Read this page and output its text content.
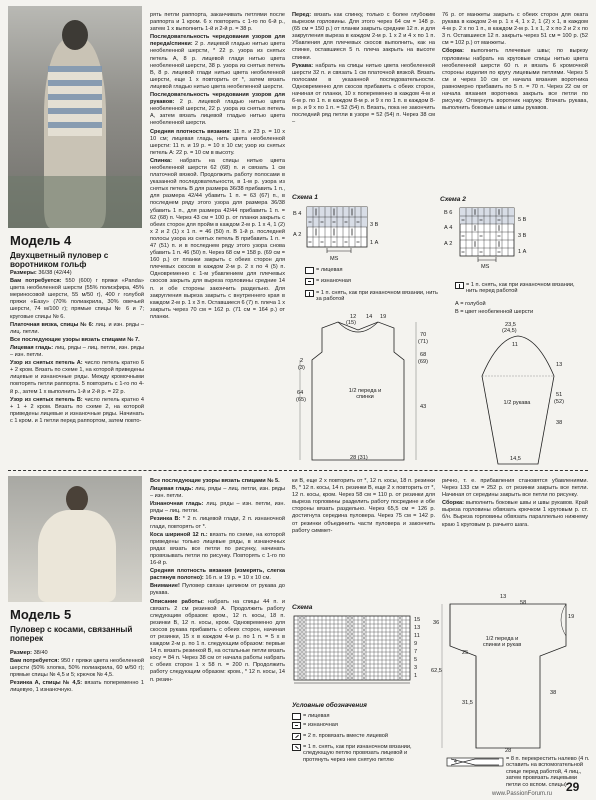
Модель 4
Двухцветный пуловер с воротником гольф

Размеры: 36/38 (42/44)

Вам потребуется: 550 (600) г пряжи «Panda» цвета необеленной шерсти (55% полиэфира, 45% мериносовой шерсти, 55 м/50 г), 400 г голубой пряжи «Easy» (70% полиакрила, 30% овечьей шерсти, 74 м/100 г); прямые спицы № 6 и 7; круговые спицы № 6.

Платочная вязка, спицы № 6: лиц. и изн. ряды – лиц. петли.

Все последующие узоры вязать спицами № 7.

Лицевая гладь: лиц. ряды – лиц. петли, изн. ряды – изн. петли.

Узор из снятых петель А: число петель кратно 6 + 2 кром. Вязать по схеме 1, на которой приведены лицевые и изнаночные ряды. Между кромочными повторять петли раппорта. 5 повторить с 1-го по 4-й р., затем 1 х выполнить 1-й и 2-й р. = 22 р.

Узор из снятых петель В: число петель кратно 4 + 1 + 2 кром. Вязать по схеме 2, на которой приведены лицевые и изнаночные ряды. Начинать с 1 кром. и 1 петли перед раппортом, затем повто-

рять петли раппорта, заканчивать петлями после раппорта и 1 кром. 6 х повторить с 1-го по 6-й р., затем 1 х выполнить 1-й и 2-й р. = 38 р.

Последовательность чередования узоров для переда/спинки: 2 р. лицевой гладью нитью цвета необеленной шерсти, * 22 р. узора из снятых петель А, 8 р. лицевой глади нитью цвета необеленной шерсти, 38 р. узора из снятых петель В, 8 р. лицевой глади нитью цвета необеленной шерсти, еще 1 х повторить от *, затем вязать лицевой гладью нитью цвета необеленной шерсти.

Последовательность чередования узоров для рукавов: 2 р. лицевой гладью нитью цвета необеленной шерсти, 22 р. узора из снятых петель А, затем вязать лицевой гладью нитью цвета необеленной шерсти.

Средняя плотность вязания: 11 п. и 23 р. = 10 х 10 см; лицевая гладь, нить цвета необеленной шерсти: 11 п. и 19 р. = 10 х 10 см; узор из снятых петель А: 22 р. = 10 см в высоту.

Спинка: набрать на спицы нитью цвета необеленной шерсти 62 (68) п. и связать 1 см платочной вязкой. Продолжить работу полосами в указанной последовательности, в 1-м р. узора из снятых петель В для размера 36/38 прибавить 1 п., для размера 42/44 убавить 1 п. = 63 (67) п., в последнем ряду этого узора для размера 36/38 убавить 1 п., для размера 42/44 прибавить 1 п. = 62 (68) п. Через 43 см = 100 р. от планки закрыть с обеих сторон для пройм в каждом 2-м р. 1 х 4, 1 (2) х 2 и 2 (1) х 1 п. = 46 (50) п. В 1-й р. последней полосы узора из снятых петель В прибавить 1 п. = 47 (51) п. и в последнем ряду этого узора снова убавить 1 п. 46 (50) п. Через 68 см = 158 р. (69 см = 160 р.) от планки закрыть с обеих сторон для плечевых скосов в каждом 2-м р. 2 х по 4 (5) п. Одновременно с 1-м убавлением для плечевых скосов закрыть для выреза горловины средние 14 п. и обе стороны закончить раздельно. Для закругления выреза закрыть с внутреннего края в каждом 2-м р. 1 х 3 п. Оставшиеся 6 (7) п. плеча 1 х закрыть через 70 см = 162 р. (71 см = 164 р.) от планки.

Перед: вязать как спинку, только с более глубоким вырезом горловины. Для этого через 64 см = 148 р. (65 см = 150 р.) от планки закрыть средние 12 п. и для закругления выреза в каждом 2-м р. 1 х 2 и 4 х по 1 п. Убавления для плечевых скосов выполнить, как на спинке, оставшиеся 5 п. плеча закрыть на высоте спинки.

Рукава: набрать на спицы нитью цвета необеленной шерсти 32 п. и связать 1 см платочной вязкой. Вязать полосами в указанной последовательности. Одновременно для скосов прибавить с обеих сторон, начиная от планки, 10 х попеременно в каждом 4-м и 6-м р. по 1 п. в каждом 8-м р. и 9 х по 1 п. в каждом 8-м р. и 9 х по 1 п. = 52 (54) п. Вязать, пока не закончить последний ряд петли в узоре = 52 (54) п. Через 38 см –

76 р. от манжеты закрыть с обеих сторон для оката рукава в каждом 2-м р. 1 х 4, 1 х 2, 1 (2) х 1, в каждом 4-м р. 2 х по 1 п., в каждом 2-м р. 1 х 1, 2 х по 2 и 2 х по 3 п. Оставшиеся 12 п. закрыть через 51 см = 100 р. (52 см = 102 р.) от манжеты.

Сборка: выполнить плечевые швы; по вырезу горловины набрать на круговые спицы нитью цвета необеленной шерсти 60 п. и вязать 6 кромочной стороны изделия по кругу лицевыми петлями. Через 5 см и через 10 см от начала вязания воротника равномерно прибавить по 5 п. = 70 п. Через 22 см от начала вязания воротника закрыть все петли по рисунку. Отвернуть воротник наружу. Втачать рукава, выполнить боковые швы и швы рукавов.

Схема 1
В 4
А 2
3 В
1 А
MS
= лицевая
= изнаночная
= 1 п. снять, как при изнаночном вязании, нить за работой
Схема 2
В 6
А 4
А 2
5 В
3 В
1 А
MS
= 1 п. снять, как при изнаночном вязании, нить перед работой
А = голубой
В = цвет необеленной шерсти
12
(15)
14 19
2
(3)
64
(65)
70
(71)
68
(69)
43
1/2 переда и спинки
28 (31)
23,5
(24,5)
11
1/2 рукава
13
51
(52)
38
14,5
Модель 5
Пуловер с косами, связанный поперек

Размер: 38/40

Вам потребуется: 950 г пряжи цвета необеленной шерсти (50% хлопка, 50% полиакрила, 60 м/50 г); прямые спицы № 4,5 и 5; крючок № 4,5.

Резинка А, спицы № 4,5: вязать попеременно 1 лицевую, 1 изнаночную.

Все последующие узоры вязать спицами № 5.

Лицевая гладь: лиц. ряды – лиц. петли, изн. ряды – изн. петли.

Изнаночная гладь: лиц. ряды – изн. петли, изн. ряды – лиц. петли.

Резинка В: * 2 п. лицевой глади, 2 п. изнаночной глади, повторять от *.

Коса шириной 12 п.: вязать по схеме, на которой приведены только лицевые ряды, в изнаночных рядах вязать все петли по рисунку, начинать провязывать петли по рисунку. Повторять с 1-го по 16-й р.

Средняя плотность вязания (измерять, слегка растянув полотно): 16 п. и 19 р. = 10 х 10 см.

Внимание! Пуловер связан целиком от рукава до рукава.

Описание работы: набрать на спицы 44 п. и связать 2 см резинкой А. Продолжить работу следующим образом: кром., 12 п. косы, 18 п. резинки В, 12 п. косы, кром. Одновременно для скосов рукава прибавить с обеих сторон, начиная от резинки, 15 х в каждом 4-м р. по 1 п. = 5 х в каждом 2-м р. по 1 п. следующим образом: первые 14 п. вязать резинкой В, на остальные петли вязать косу = 84 п. Через 38 см от начала работы набрать с обеих сторон 1 х 58 п. = 200 п. Продолжить работу следующим образом: кром., * 12 п. косы, 14 п. резин-

ки В, еще 2 х повторить от *, 12 п. косы, 18 п. резинки В, * 12 п. косы, 14 п. резинки В, еще 2 х повторить от *, 12 п. косы, кром. Через 58 см = 110 р. от резинки для выреза горловины разделить работу посредине и обе стороны вязать раздельно. Через 65,5 см = 126 р. достигнута середина пуловера. Через 75 см = 142 р. от резинки объединить части пуловера и закончить работу симмет-

рично, т. е. прибавления становятся убавлениями. Через 133 см = 252 р. от резинки закрыть все петли. Начиная от середины закрыть все петли по рисунку.

Сборка: выполнить боковые швы и швы рукавов. Край выреза горловины обвязать крючком 1 круговым р. ст. б/н. Выреза горловины обвязать параллельно нижнему краю 1 круговым р. рачьего шага.

Схема
15
13
11
9
7
5
3
1
Условные обозначения
= лицевая
= изнаночная
= 2 п. провязать вместе лицевой
= 1 п. снять, как при изнаночном вязании, следующую петлю провязать лицевой и протянуть через нее снятую петлю	4	= 8 п. перекрестить налево (4 п. оставить на вспомогательной спице перед работой, 4 лиц., затем провязать лицевыми петли со вспом. спицы)
13
58
19
1/2 переда и спинки и рукав
36
62,5
25
31,5
38
28
29
www.PassionForum.ru
